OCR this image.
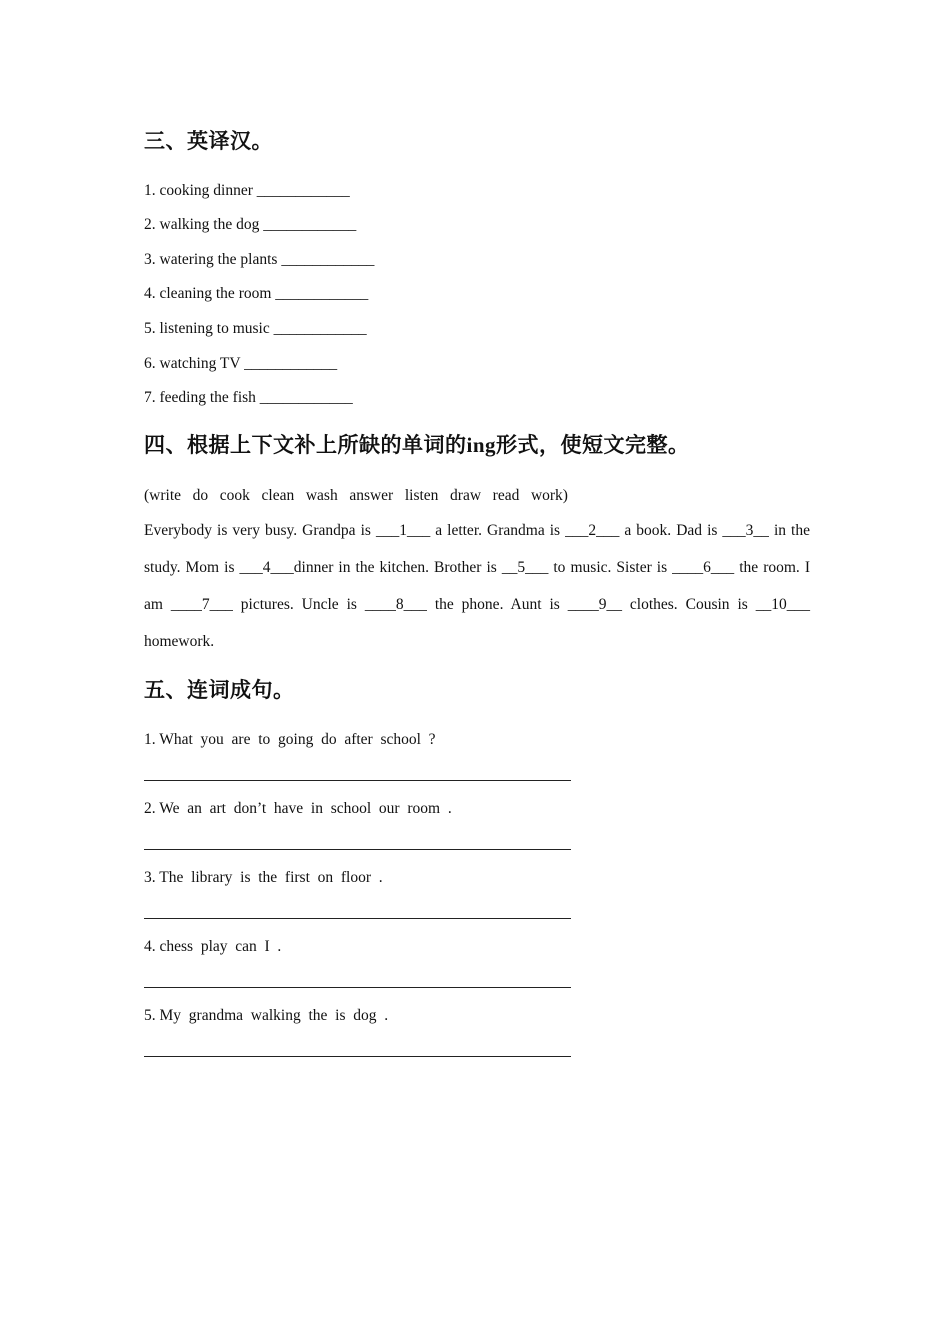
三、英译汉。
1. cooking dinner ____________
2. walking the dog ____________
3. watering the plants ____________
4. cleaning the room ____________
5. listening to music ____________
6. watching TV ____________
7. feeding the fish ____________
四、根据上下文补上所缺的单词的ing形式，使短文完整。
(write   do   cook   clean   wash   answer   listen   draw   read   work)
Everybody is very busy. Grandpa is ___1___ a letter. Grandma is ___2___ a book. Dad is ___3__ in the study. Mom is ___4___dinner in the kitchen. Brother is __5___ to music. Sister is ____6___ the room. I am ____7___ pictures. Uncle is ____8___ the phone. Aunt is ____9__ clothes. Cousin is __10___ homework.
五、连词成句。
1. What  you  are  to  going  do  after  school  ?
2. We  an  art  don’t  have  in  school  our  room  .
3. The  library  is  the  first  on  floor  .
4. chess  play  can  I  .
5. My  grandma  walking  the  is  dog  .
